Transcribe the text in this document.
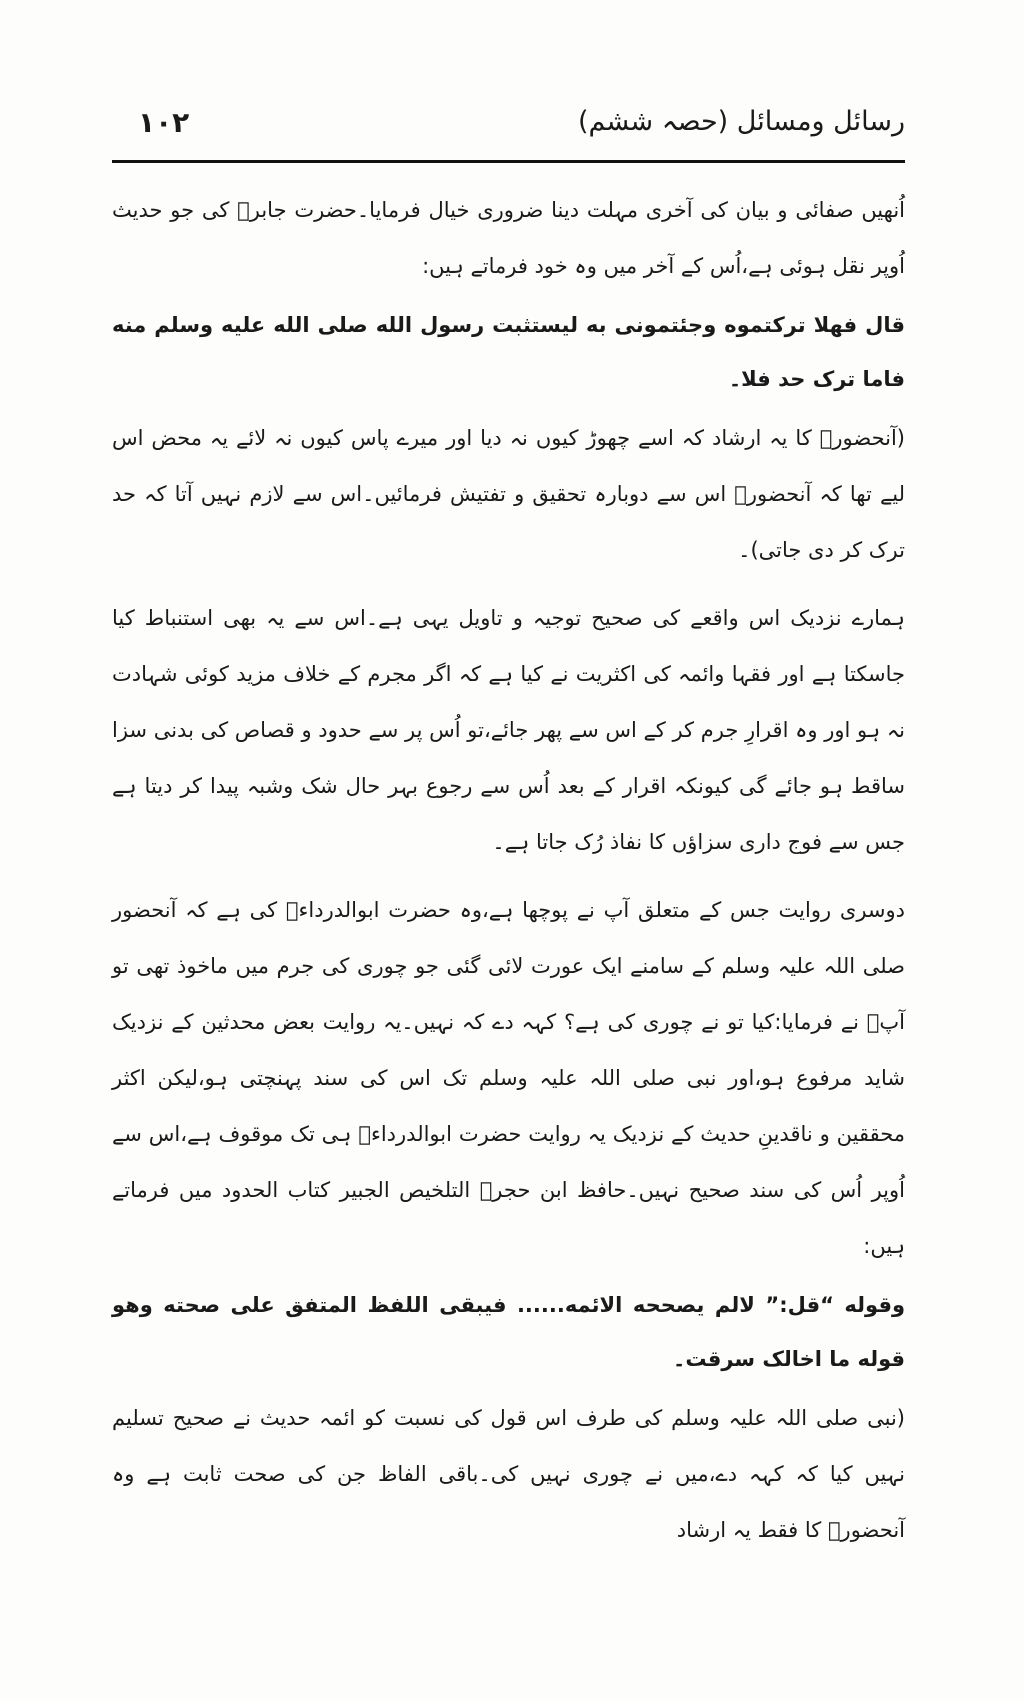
رسائل ومسائل (حصہ ششم)
۱۰۲

اُنھیں صفائی و بیان کی آخری مہلت دینا ضروری خیال فرمایا۔حضرت جابرؓ کی جو حدیث اُوپر نقل ہوئی ہے،اُس کے آخر میں وہ خود فرماتے ہیں:

قال فهلا تركتموه وجئتمونی به ليستثبت رسول الله صلی الله علیه وسلم منه فاما ترک حد فلا۔

(آنحضورؐ کا یہ ارشاد کہ اسے چھوڑ کیوں نہ دیا اور میرے پاس کیوں نہ لائے یہ محض اس لیے تھا کہ آنحضورؐ اس سے دوبارہ تحقیق و تفتیش فرمائیں۔اس سے لازم نہیں آتا کہ حد ترک کر دی جاتی)۔

ہمارے نزدیک اس واقعے کی صحیح توجیہ و تاویل یہی ہے۔اس سے یہ بھی استنباط کیا جاسکتا ہے اور فقہا وائمہ کی اکثریت نے کیا ہے کہ اگر مجرم کے خلاف مزید کوئی شہادت نہ ہو اور وہ اقرارِ جرم کر کے اس سے پھر جائے،تو اُس پر سے حدود و قصاص کی بدنی سزا ساقط ہو جائے گی کیونکہ اقرار کے بعد اُس سے رجوع بہر حال شک وشبہ پیدا کر دیتا ہے جس سے فوج داری سزاؤں کا نفاذ رُک جاتا ہے۔

دوسری روایت جس کے متعلق آپ نے پوچھا ہے،وہ حضرت ابوالدرداءؓ کی ہے کہ آنحضور صلی اللہ علیہ وسلم کے سامنے ایک عورت لائی گئی جو چوری کی جرم میں ماخوذ تھی تو آپؐ نے فرمایا:کیا تو نے چوری کی ہے؟ کہہ دے کہ نہیں۔یہ روایت بعض محدثین کے نزدیک شاید مرفوع ہو،اور نبی صلی اللہ علیہ وسلم تک اس کی سند پہنچتی ہو،لیکن اکثر محققین و ناقدینِ حدیث کے نزدیک یہ روایت حضرت ابوالدرداءؓ ہی تک موقوف ہے،اس سے اُوپر اُس کی سند صحیح نہیں۔حافظ ابن حجرؒ التلخیص الجبیر کتاب الحدود میں فرماتے ہیں:

وقوله “قل:” لالم یصححه الائمه...... فیبقی اللفظ المتفق علی صحته وهو قوله ما اخالک سرقت۔

(نبی صلی اللہ علیہ وسلم کی طرف اس قول کی نسبت کو ائمہ حدیث نے صحیح تسلیم نہیں کیا کہ کہہ دے،میں نے چوری نہیں کی۔باقی الفاظ جن کی صحت ثابت ہے وہ آنحضورؐ کا فقط یہ ارشاد
